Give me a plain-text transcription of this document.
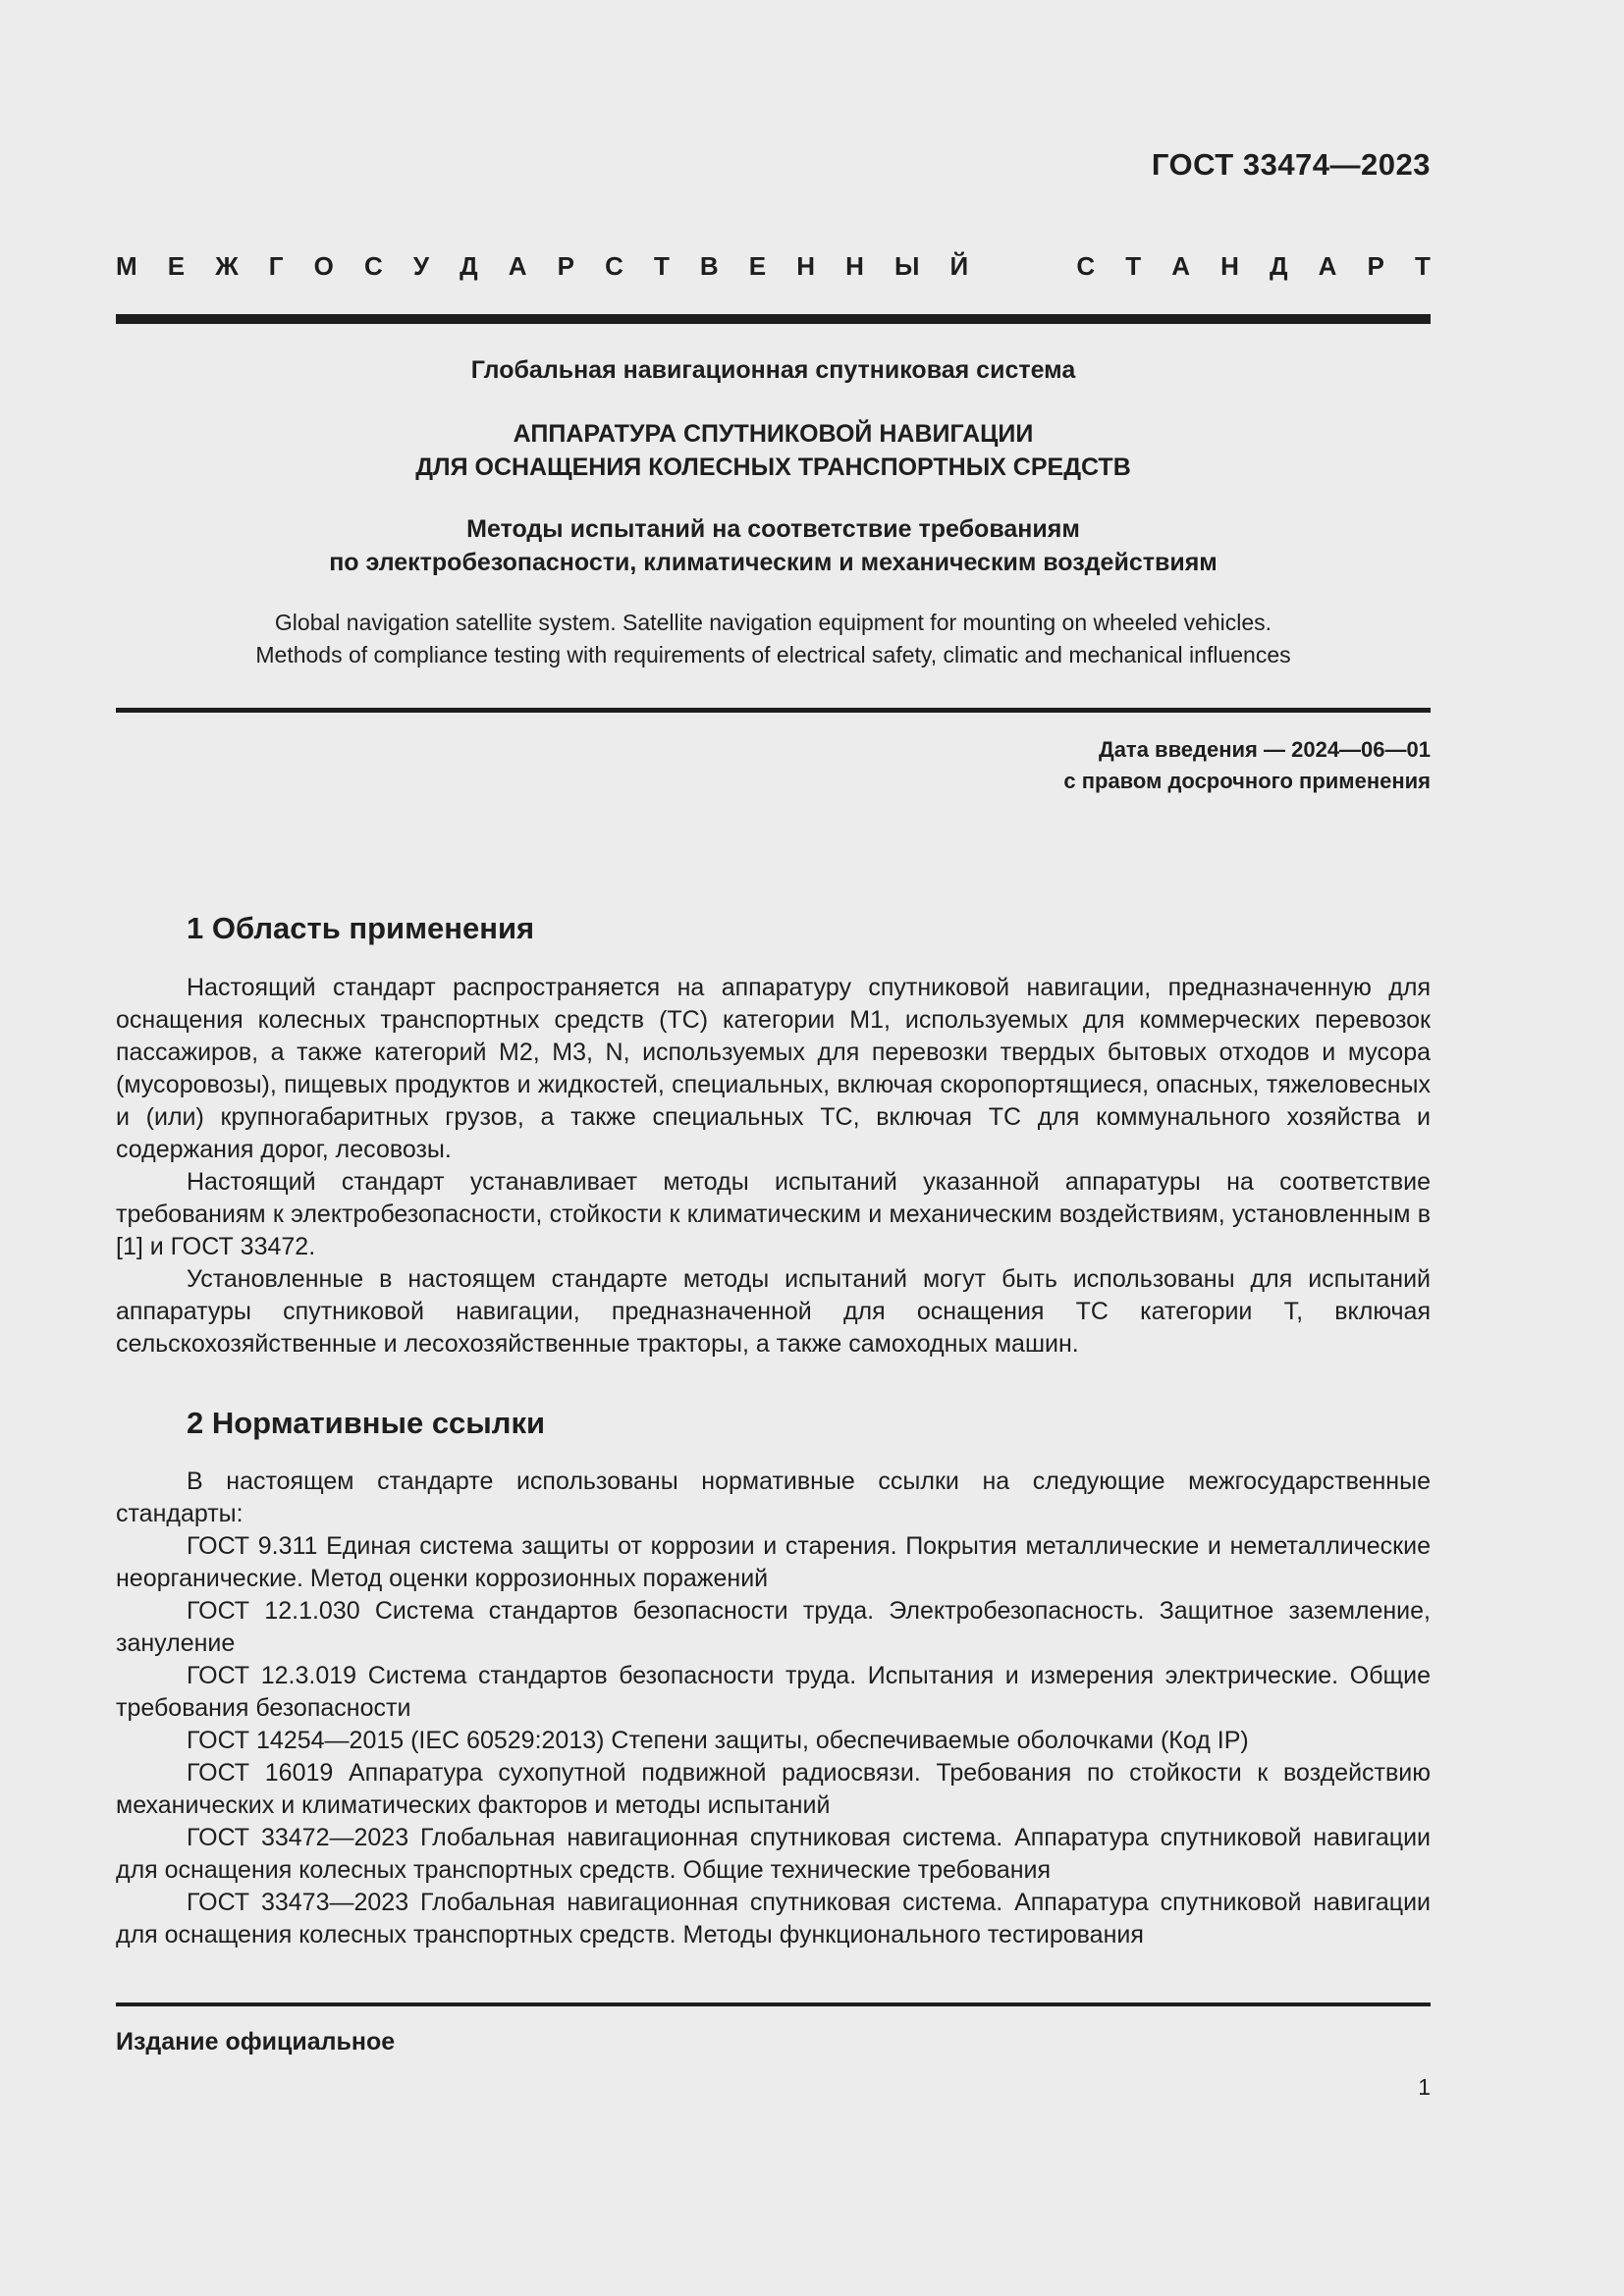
ГОСТ 33474—2023
М Е Ж Г О С У Д А Р С Т В Е Н Н Ы Й	С Т А Н Д А Р Т
Глобальная навигационная спутниковая система
АППАРАТУРА СПУТНИКОВОЙ НАВИГАЦИИ
ДЛЯ ОСНАЩЕНИЯ КОЛЕСНЫХ ТРАНСПОРТНЫХ СРЕДСТВ
Методы испытаний на соответствие требованиям
по электробезопасности, климатическим и механическим воздействиям
Global navigation satellite system. Satellite navigation equipment for mounting on wheeled vehicles.
Methods of compliance testing with requirements of electrical safety, climatic and mechanical influences
Дата введения — 2024—06—01
с правом досрочного применения
1 Область применения

Настоящий стандарт распространяется на аппаратуру спутниковой навигации, предназначенную для оснащения колесных транспортных средств (ТС) категории М1, используемых для коммерческих перевозок пассажиров, а также категорий М2, М3, N, используемых для перевозки твердых бытовых отходов и мусора (мусоровозы), пищевых продуктов и жидкостей, специальных, включая скоропортящиеся, опасных, тяжеловесных и (или) крупногабаритных грузов, а также специальных ТС, включая ТС для коммунального хозяйства и содержания дорог, лесовозы.

Настоящий стандарт устанавливает методы испытаний указанной аппаратуры на соответствие требованиям к электробезопасности, стойкости к климатическим и механическим воздействиям, установленным в [1] и ГОСТ 33472.

Установленные в настоящем стандарте методы испытаний могут быть использованы для испытаний аппаратуры спутниковой навигации, предназначенной для оснащения ТС категории Т, включая сельскохозяйственные и лесохозяйственные тракторы, а также самоходных машин.

2 Нормативные ссылки

В настоящем стандарте использованы нормативные ссылки на следующие межгосударственные стандарты:

ГОСТ 9.311 Единая система защиты от коррозии и старения. Покрытия металлические и неметаллические неорганические. Метод оценки коррозионных поражений

ГОСТ 12.1.030 Система стандартов безопасности труда. Электробезопасность. Защитное заземление, зануление

ГОСТ 12.3.019 Система стандартов безопасности труда. Испытания и измерения электрические. Общие требования безопасности

ГОСТ 14254—2015 (IEC 60529:2013) Степени защиты, обеспечиваемые оболочками (Код IP)

ГОСТ 16019 Аппаратура сухопутной подвижной радиосвязи. Требования по стойкости к воздействию механических и климатических факторов и методы испытаний

ГОСТ 33472—2023 Глобальная навигационная спутниковая система. Аппаратура спутниковой навигации для оснащения колесных транспортных средств. Общие технические требования

ГОСТ 33473—2023 Глобальная навигационная спутниковая система. Аппаратура спутниковой навигации для оснащения колесных транспортных средств. Методы функционального тестирования

Издание официальное
1
